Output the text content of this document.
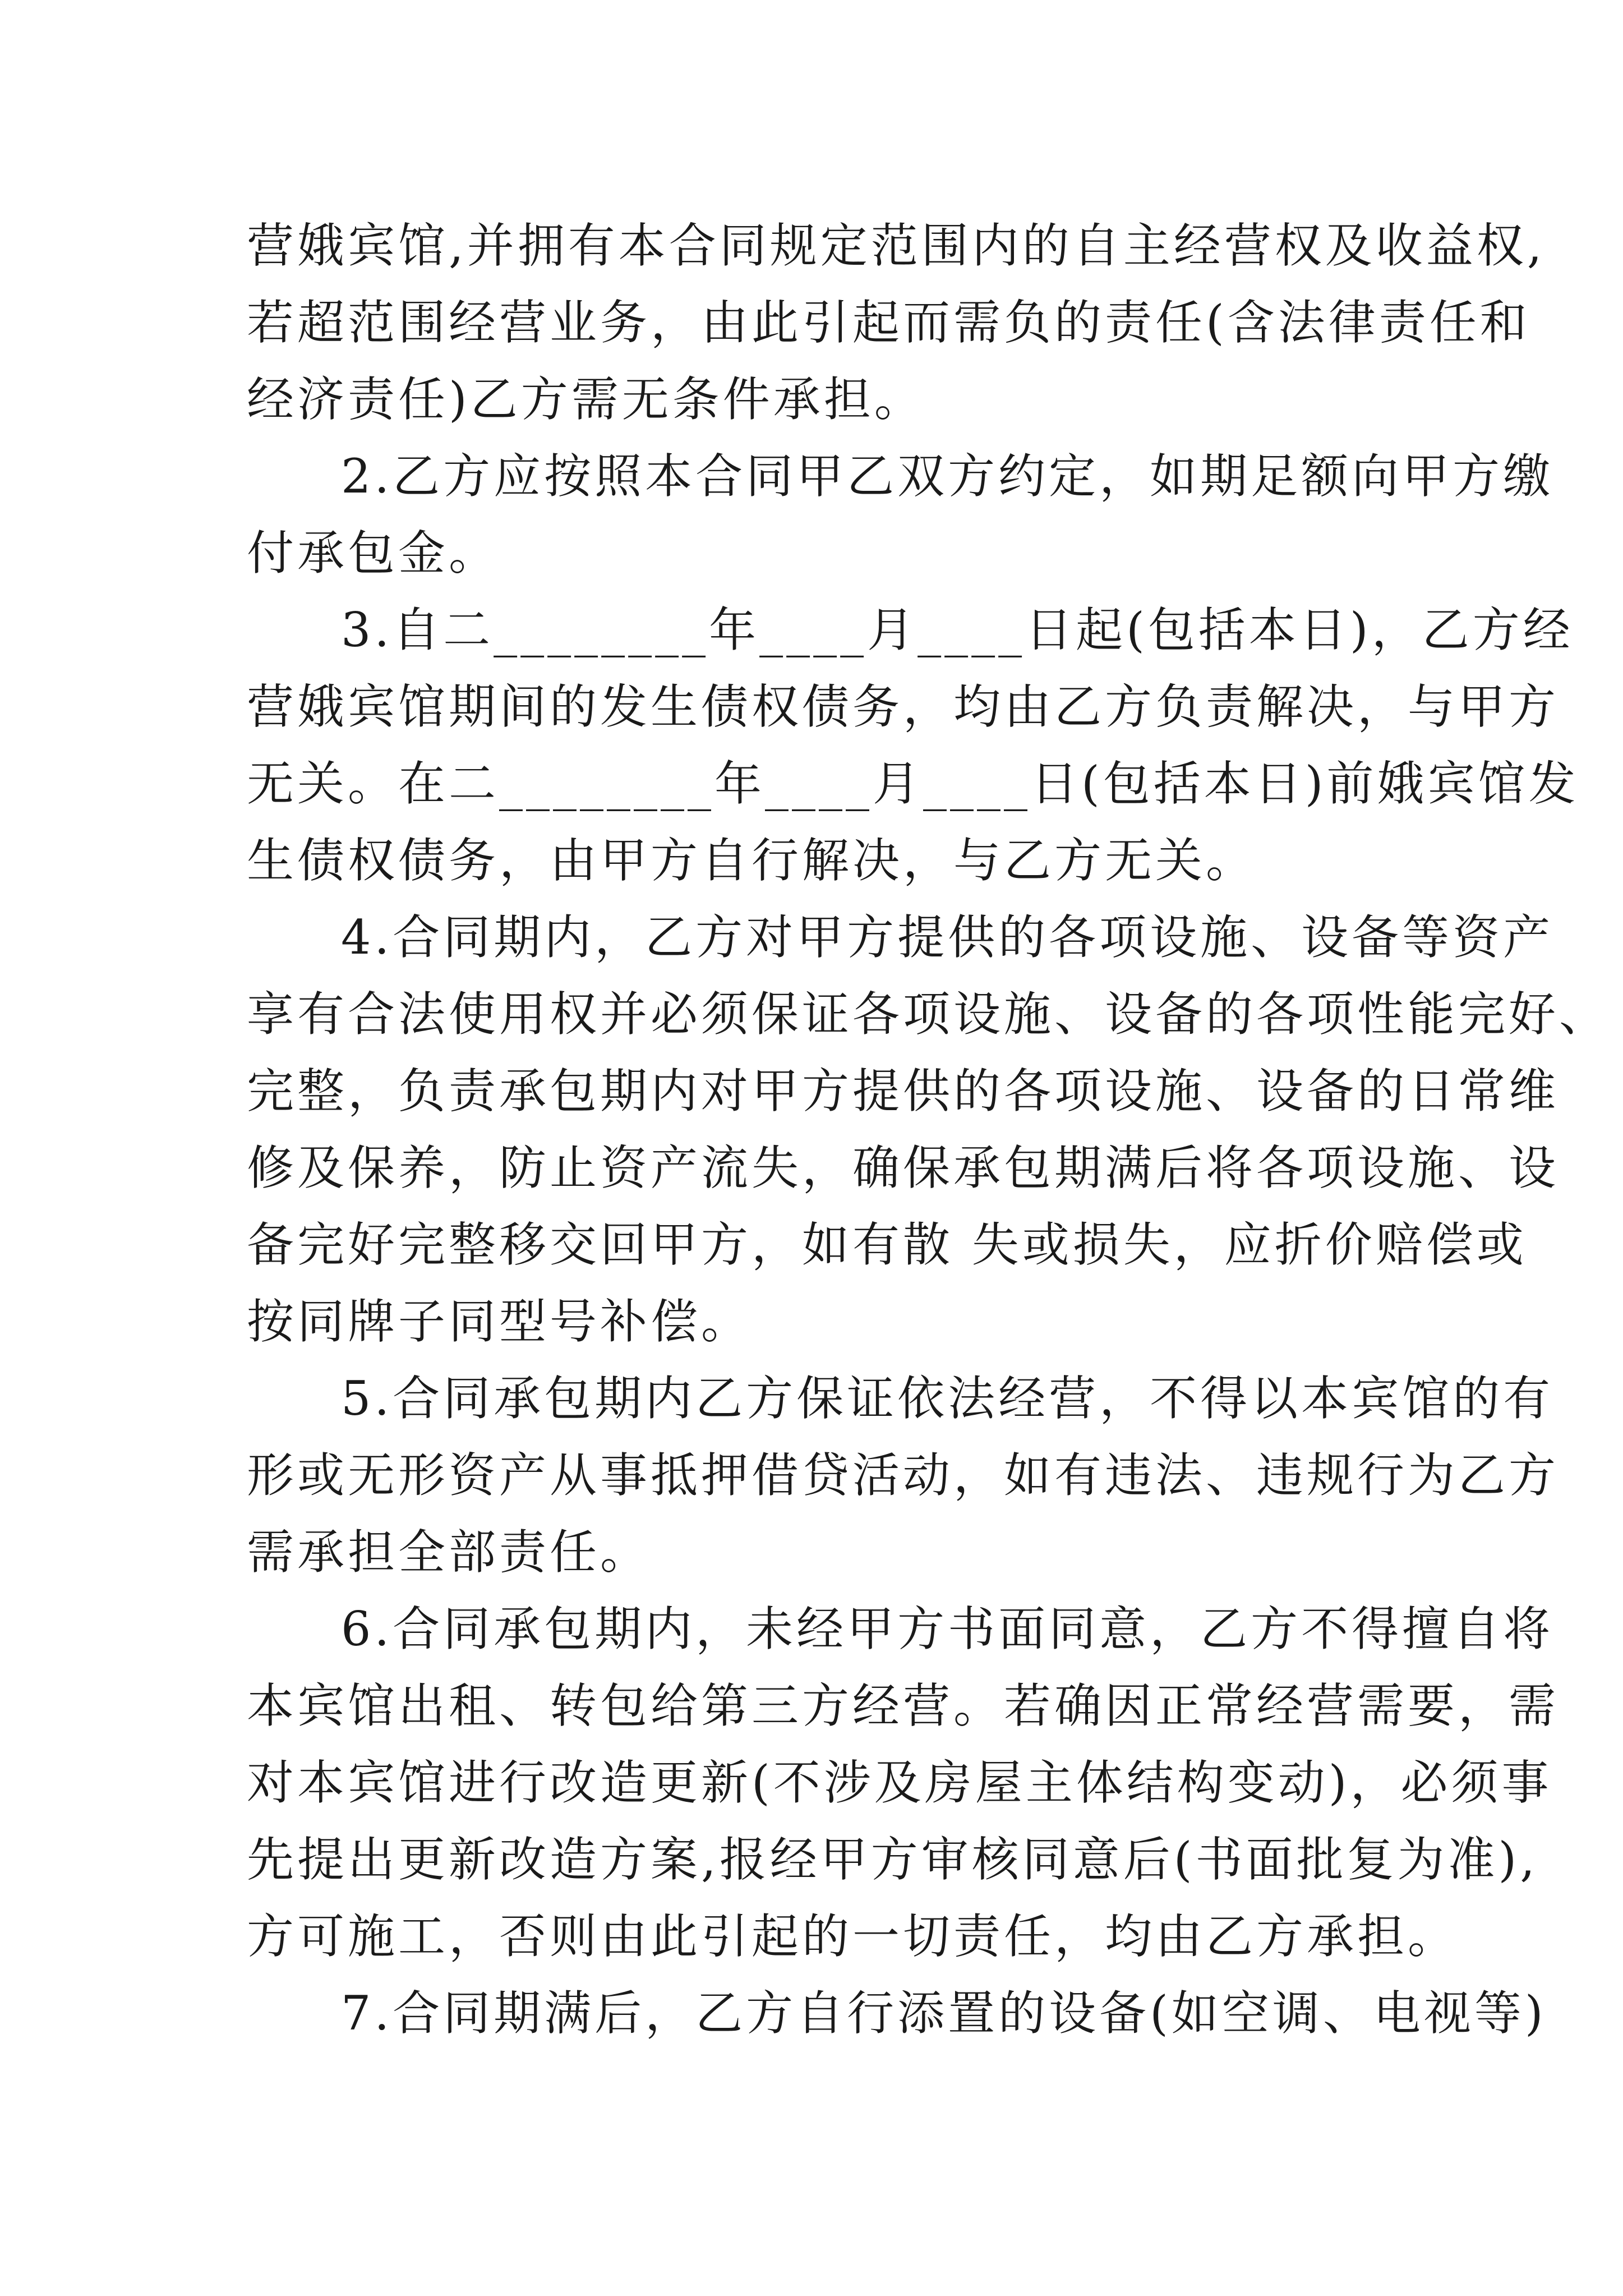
营娥宾馆,并拥有本合同规定范围内的自主经营权及收益权,
若超范围经营业务，由此引起而需负的责任(含法律责任和
经济责任)乙方需无条件承担。
2.乙方应按照本合同甲乙双方约定，如期足额向甲方缴
付承包金。
3.自二________年____月____日起(包括本日)，乙方经
营娥宾馆期间的发生债权债务，均由乙方负责解决，与甲方
无关。在二________年____月____日(包括本日)前娥宾馆发
生债权债务，由甲方自行解决，与乙方无关。
4.合同期内，乙方对甲方提供的各项设施、设备等资产
享有合法使用权并必须保证各项设施、设备的各项性能完好、
完整，负责承包期内对甲方提供的各项设施、设备的日常维
修及保养，防止资产流失，确保承包期满后将各项设施、设
备完好完整移交回甲方，如有散 失或损失，应折价赔偿或
按同牌子同型号补偿。
5.合同承包期内乙方保证依法经营，不得以本宾馆的有
形或无形资产从事抵押借贷活动，如有违法、违规行为乙方
需承担全部责任。
6.合同承包期内，未经甲方书面同意，乙方不得擅自将
本宾馆出租、转包给第三方经营。若确因正常经营需要，需
对本宾馆进行改造更新(不涉及房屋主体结构变动)，必须事
先提出更新改造方案,报经甲方审核同意后(书面批复为准),
方可施工，否则由此引起的一切责任，均由乙方承担。
7.合同期满后，乙方自行添置的设备(如空调、电视等)
